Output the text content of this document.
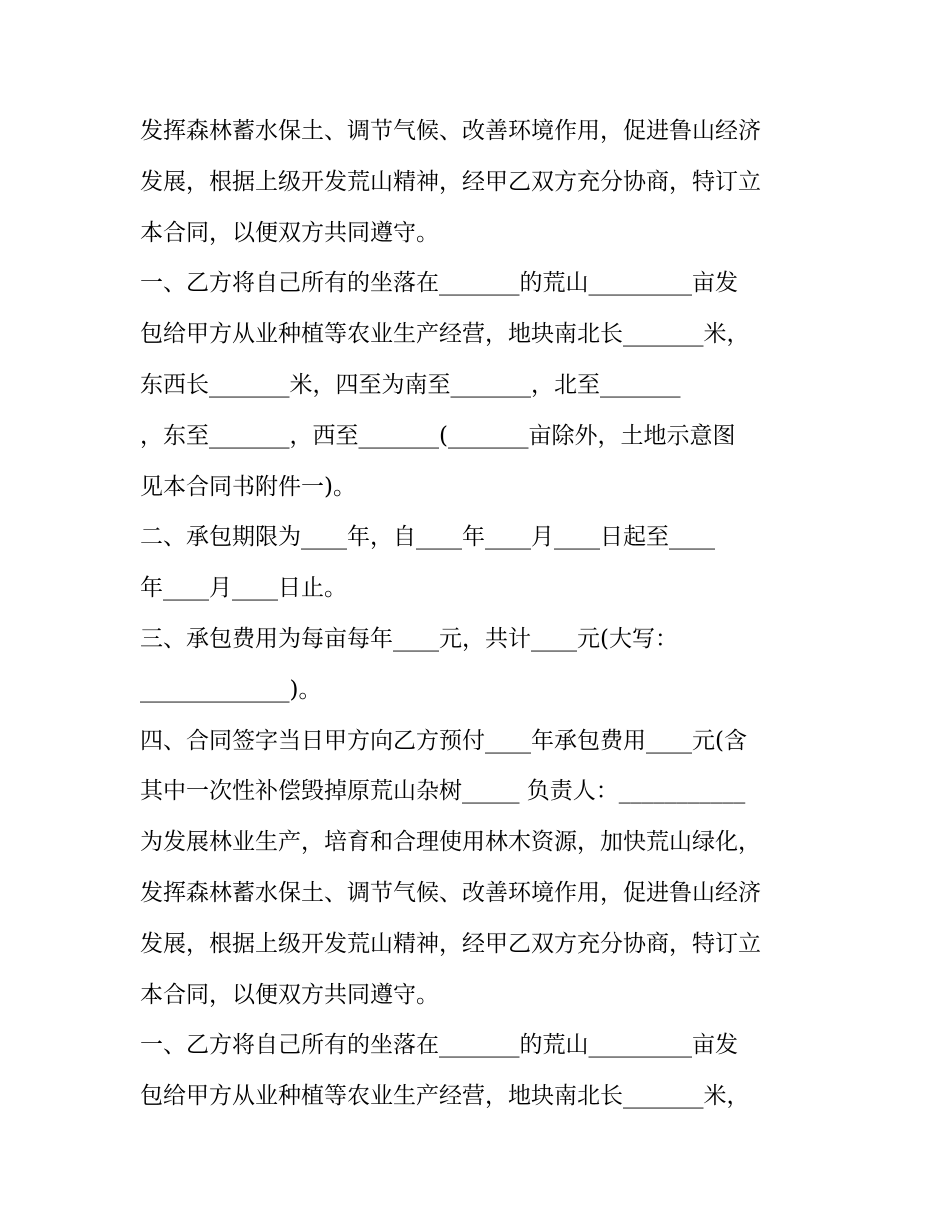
发挥森林蓄水保土、调节气候、改善环境作用，促进鲁山经济

发展，根据上级开发荒山精神，经甲乙双方充分协商，特订立

本合同，以便双方共同遵守。

一、乙方将自己所有的坐落在_______的荒山_________亩发

包给甲方从业种植等农业生产经营，地块南北长_______米，

东西长_______米，四至为南至_______，北至_______

，东至_______，西至_______(_______亩除外，土地示意图

见本合同书附件一)。

二、承包期限为____年，自____年____月____日起至____

年____月____日止。

三、承包费用为每亩每年____元，共计____元(大写：

_____________)。

四、合同签字当日甲方向乙方预付____年承包费用____元(含

其中一次性补偿毁掉原荒山杂树_____ 负责人：___________

为发展林业生产，培育和合理使用林木资源，加快荒山绿化，

发挥森林蓄水保土、调节气候、改善环境作用，促进鲁山经济

发展，根据上级开发荒山精神，经甲乙双方充分协商，特订立

本合同，以便双方共同遵守。

一、乙方将自己所有的坐落在_______的荒山_________亩发

包给甲方从业种植等农业生产经营，地块南北长_______米，
